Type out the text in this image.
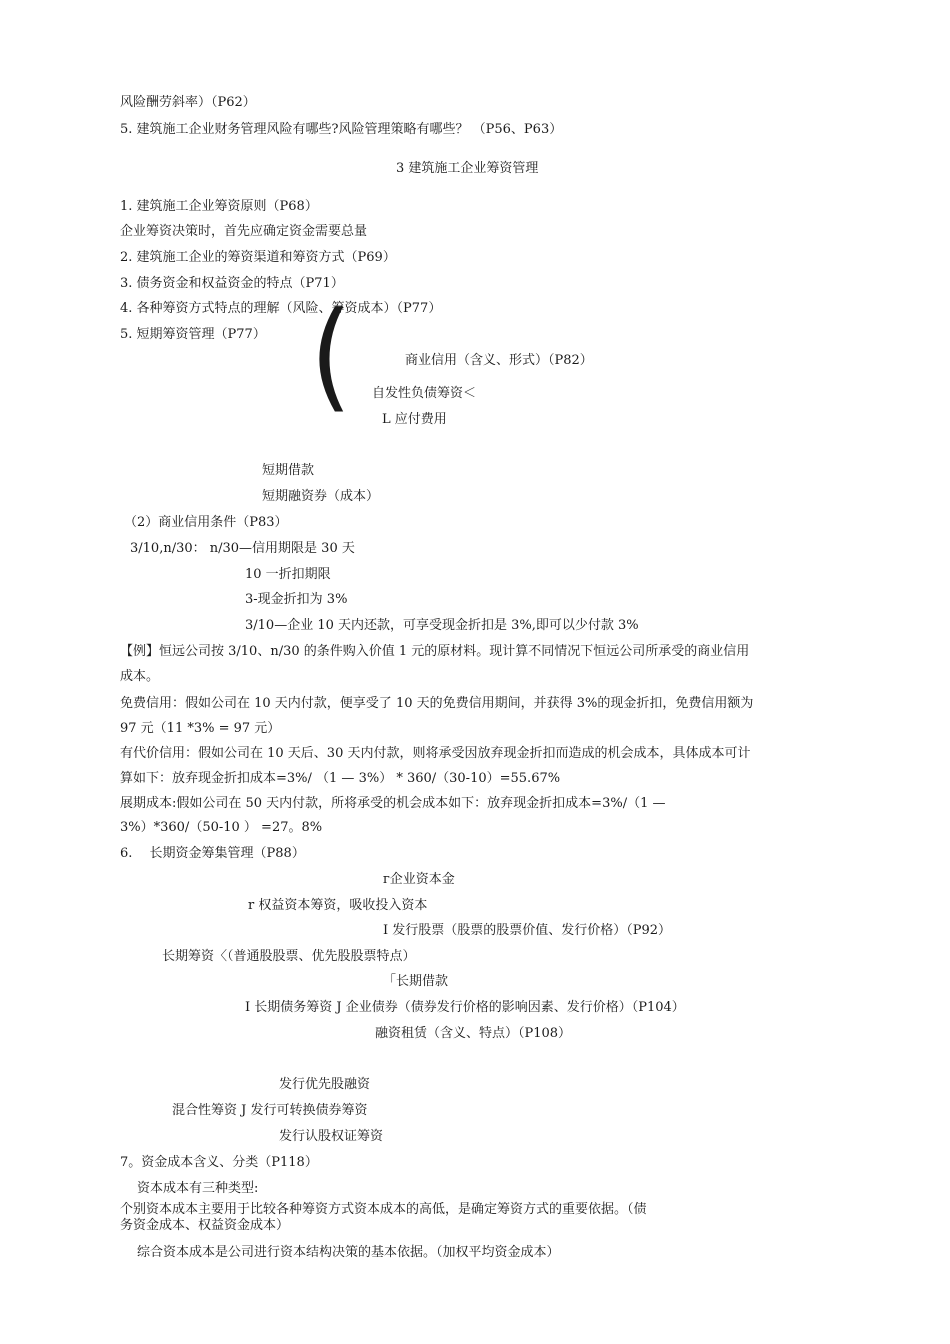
风险酬劳斜率）（P62）
5. 建筑施工企业财务管理风险有哪些?风险管理策略有哪些？ （P56、P63）
3 建筑施工企业筹资管理
1. 建筑施工企业筹资原则（P68）
企业筹资决策时，首先应确定资金需要总量
2. 建筑施工企业的筹资渠道和筹资方式（P69）
3. 债务资金和权益资金的特点（P71）
4. 各种筹资方式特点的理解（风险、筹资成本）（P77）
5. 短期筹资管理（P77） (	商业信用（含义、形式）（P82）
自发性负债筹资＜
L 应付费用
短期借款
短期融资券（成本）
（2）商业信用条件（P83）
3/10,n/30： n/30—信用期限是 30 天
10 一折扣期限
3-现金折扣为 3%
3/10—企业 10 天内还款，可享受现金折扣是 3%,即可以少付款 3%
【例】恒远公司按 3/10、n/30 的条件购入价值 1 元的原材料。现计算不同情况下恒远公司所承受的商业信用
成本。
免费信用：假如公司在 10 天内付款，便享受了 10 天的免费信用期间，并获得 3%的现金折扣，免费信用额为
97 元（11 *3% = 97 元）
有代价信用：假如公司在 10 天后、30 天内付款，则将承受因放弃现金折扣而造成的机会成本，具体成本可计
算如下：放弃现金折扣成本=3%/ （1 — 3%） * 360/（30-10）=55.67%
展期成本:假如公司在 50 天内付款，所将承受的机会成本如下：放弃现金折扣成本=3%/（1 —
3%）*360/（50-10 ） =27。8%
6.　 长期资金筹集管理（P88）
ᴦ企业资本金
r 权益资本筹资，吸收投入资本
I 发行股票（股票的股票价值、发行价格）（P92）
长期筹资〈（普通股股票、优先股股票特点）
「长期借款
I 长期债务筹资 J 企业债券（债券发行价格的影响因素、发行价格）（P104）
融资租赁（含义、特点）（P108）
发行优先股融资
混合性筹资 J 发行可转换债券筹资
发行认股权证筹资
7。资金成本含义、分类（P118）
资本成本有三种类型:
个别资本成本主要用于比较各种筹资方式资本成本的高低，是确定筹资方式的重要依据。（债
务资金成本、权益资金成本）
综合资本成本是公司进行资本结构决策的基本依据。（加权平均资金成本）
